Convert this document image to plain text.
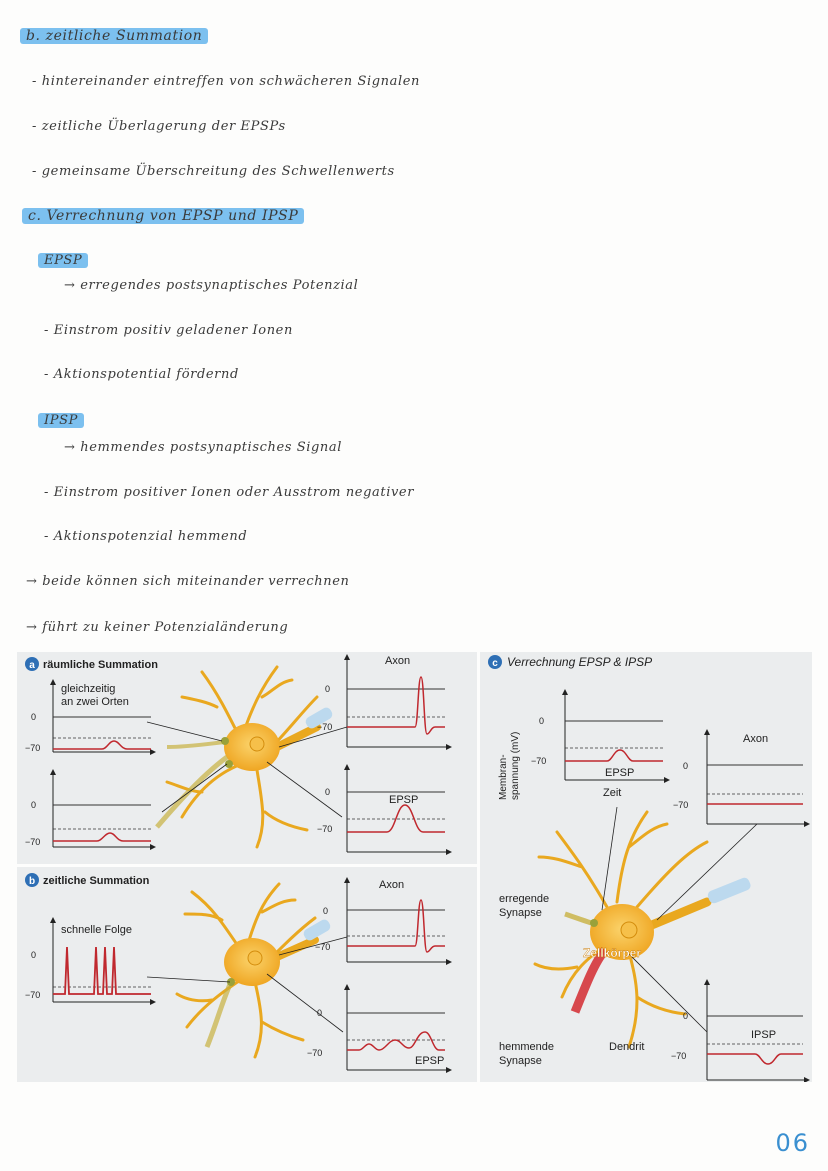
b. zeitliche Summation
- hintereinander eintreffen von schwächeren Signalen
- zeitliche Überlagerung der EPSPs
- gemeinsame Überschreitung des Schwellenwerts
c. Verrechnung von EPSP und IPSP
EPSP
→ erregendes postsynaptisches Potenzial
- Einstrom positiv geladener Ionen
- Aktionspotential fördernd
IPSP
→ hemmendes postsynaptisches Signal
- Einstrom positiver Ionen oder Ausstrom negativer
- Aktionspotenzial hemmend
→ beide können sich miteinander verrechnen
→ führt zu keiner Potenzialänderung
a räumliche Summation
gleichzeitig
an zwei Orten
0
−70
0
−70
Axon
0
−70
0
−70
EPSP
b zeitliche Summation
schnelle Folge
0
−70
Axon
0
−70
0
−70
EPSP
c Verrechnung EPSP & IPSP
Membran- spannung (mV)
0
−70
EPSP
Zeit
Axon
0
−70
erregende
Synapse
Zellkörper
hemmende
Synapse
Dendrit
0
−70
IPSP
06
